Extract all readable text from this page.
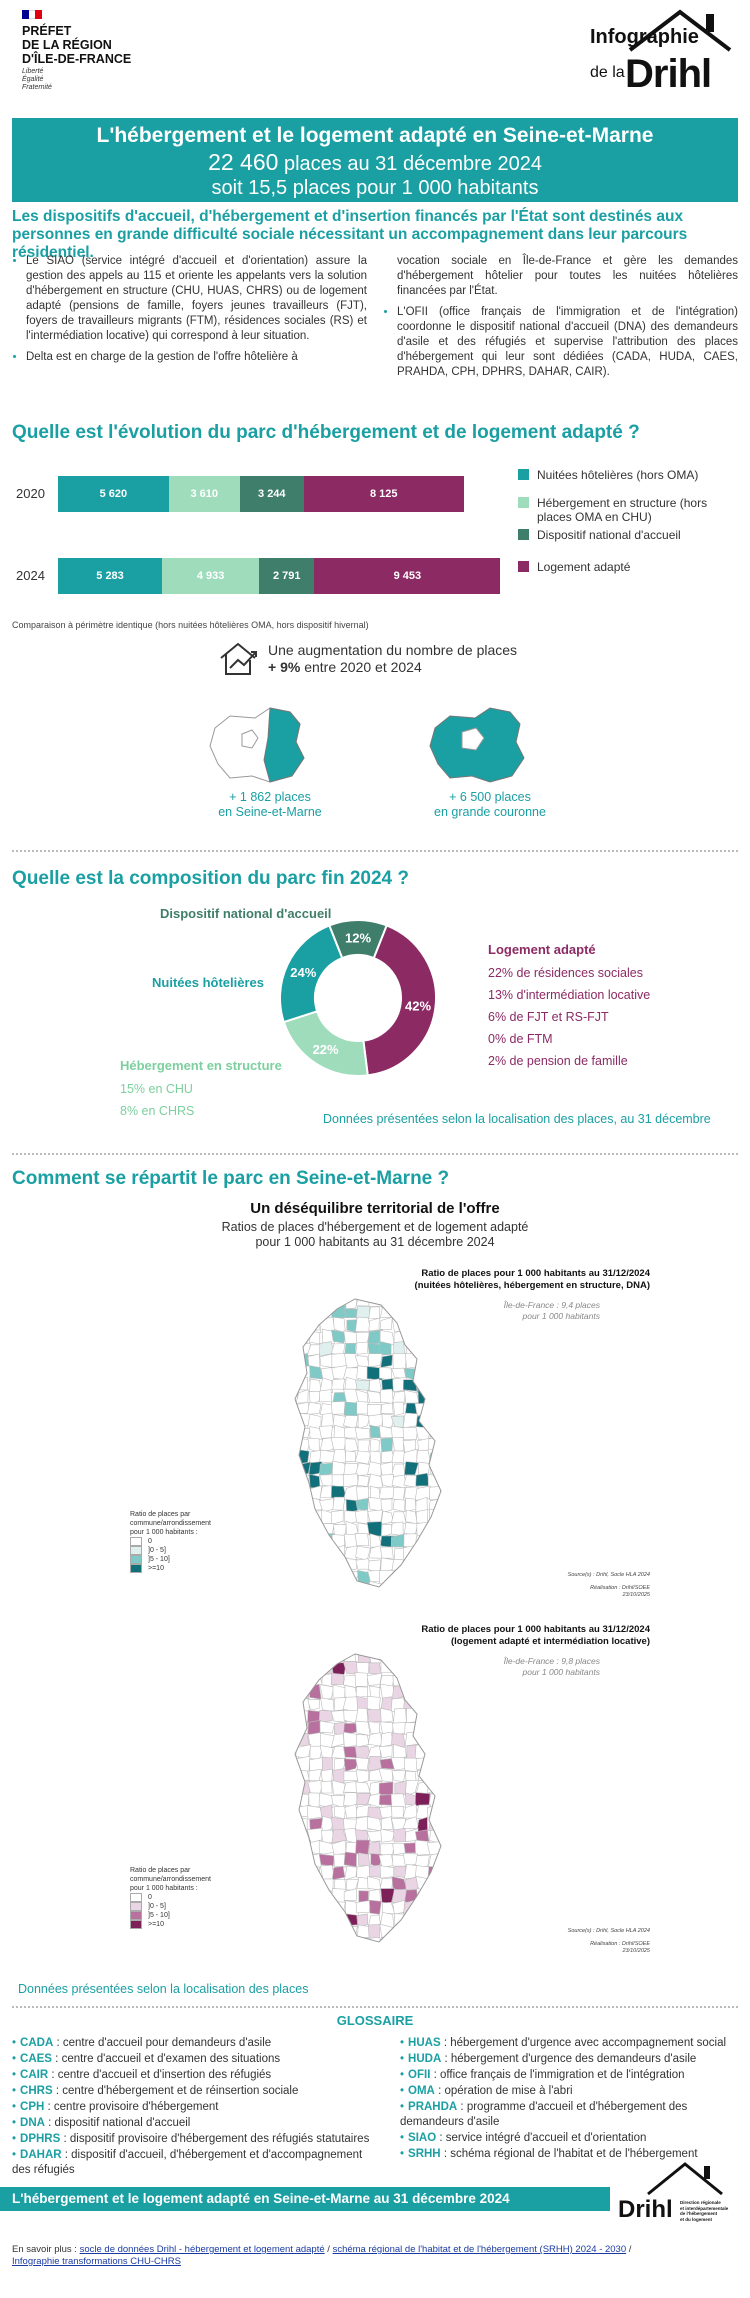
PRÉFET
DE LA RÉGION
D'ÎLE-DE-FRANCE
Liberté
Égalité
Fraternité
Infographie
de la Drihl
L'hébergement et le logement adapté en Seine-et-Marne
22 460 places au 31 décembre 2024
soit 15,5 places pour 1 000 habitants
Les dispositifs d'accueil, d'hébergement et d'insertion financés par l'État sont destinés aux personnes en grande difficulté sociale nécessitant un accompagnement dans leur parcours résidentiel.
• Le SIAO (service intégré d'accueil et d'orientation) assure la gestion des appels au 115 et oriente les appelants vers la solution d'hébergement en structure (CHU, HUAS, CHRS) ou de logement adapté (pensions de famille, foyers jeunes travailleurs (FJT), foyers de travailleurs migrants (FTM), résidences sociales (RS) et l'intermédiation locative) qui correspond à leur situation.
• Delta est en charge de la gestion de l'offre hôtelière à
vocation sociale en Île-de-France et gère les demandes d'hébergement hôtelier pour toutes les nuitées hôtelières financées par l'État.
• L'OFII (office français de l'immigration et de l'intégration) coordonne le dispositif national d'accueil (DNA) des demandeurs d'asile et des réfugiés et supervise l'attribution des places d'hébergement qui leur sont dédiées (CADA, HUDA, CAES, PRAHDA, CPH, DPHRS, DAHAR, CAIR).
Quelle est l'évolution du parc d'hébergement et de logement adapté ?
2020
2024
5 620	3 610	3 244	8 125
5 283	4 933	2 791	9 453
Nuitées hôtelières (hors OMA)
Hébergement en structure (hors places OMA en CHU)
Dispositif national d'accueil
Logement adapté
Comparaison à périmètre identique (hors nuitées hôtelières OMA, hors dispositif hivernal)
Une augmentation du nombre de places
+ 9% entre 2020 et 2024
+ 1 862 places
en Seine-et-Marne
+ 6 500 places
en grande couronne
Quelle est la composition du parc fin 2024 ?
12%
42%
22%
24%
Dispositif national d'accueil
Nuitées hôtelières
Hébergement en structure
15% en CHU
8% en CHRS
Logement adapté
22% de résidences sociales
13% d'intermédiation locative
6% de FJT et RS-FJT
0% de FTM
2% de pension de famille
Données présentées selon la localisation des places, au 31 décembre
Comment se répartit le parc en Seine-et-Marne ?
Un déséquilibre territorial de l'offre
Ratios de places d'hébergement et de logement adapté
pour 1 000 habitants au 31 décembre 2024
Ratio de places pour 1 000 habitants au 31/12/2024
(nuitées hôtelières, hébergement en structure, DNA)
Île-de-France : 9,4 places
pour 1 000 habitants
Ratio de places par
commune/arrondissement
pour 1 000 habitants :
0
]0 - 5]
]5 - 10]
>=10
Source(s) : Drihl, Socle HLA 2024
Réalisation : Drihl/SOEE
23/10/2025
Ratio de places pour 1 000 habitants au 31/12/2024
(logement adapté et intermédiation locative)
Île-de-France : 9,8 places
pour 1 000 habitants
Ratio de places par
commune/arrondissement
pour 1 000 habitants :
0
]0 - 5]
]5 - 10]
>=10
Source(s) : Drihl, Socle HLA 2024
Réalisation : Drihl/SOEE
23/10/2025
Données présentées selon la localisation des places
GLOSSAIRE
• CADA : centre d'accueil pour demandeurs d'asile
• CAES : centre d'accueil et d'examen des situations
• CAIR : centre d'accueil et d'insertion des réfugiés
• CHRS : centre d'hébergement et de réinsertion sociale
• CPH : centre provisoire d'hébergement
• DNA : dispositif national d'accueil
• DPHRS : dispositif provisoire d'hébergement des réfugiés statutaires
• DAHAR : dispositif d'accueil, d'hébergement et d'accompagnement des réfugiés
• HUAS : hébergement d'urgence avec accompagnement social
• HUDA : hébergement d'urgence des demandeurs d'asile
• OFII : office français de l'immigration et de l'intégration
• OMA : opération de mise à l'abri
• PRAHDA : programme d'accueil et d'hébergement des demandeurs d'asile
• SIAO : service intégré d'accueil et d'orientation
• SRHH : schéma régional de l'habitat et de l'hébergement
L'hébergement et le logement adapté en Seine-et-Marne au 31 décembre 2024	Drihl Direction régionale
et interdépartementale
de l'hébergement
et du logement
En savoir plus : socle de données Drihl - hébergement et logement adapté / schéma régional de l'habitat et de l'hébergement (SRHH) 2024 - 2030 /
Infographie transformations CHU-CHRS
